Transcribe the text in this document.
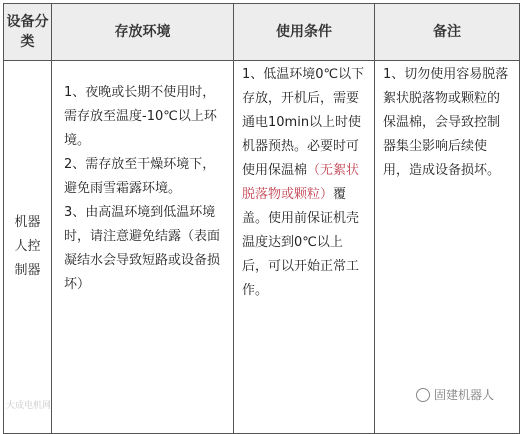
设备分类	存放环境	使用条件	备注
机器人控制器	1、夜晚或长期不使用时，需存放至温度-10℃以上环境。
2、需存放至干燥环境下，避免雨雪霜露环境。
3、由高温环境到低温环境时，请注意避免结露（表面凝结水会导致短路或设备损坏）	1、低温环境0℃以下存放，开机后，需要通电10min以上时使机器预热。必要时可使用保温棉（无絮状脱落物或颗粒）覆盖。使用前保证机壳温度达到0℃以上后，可以开始正常工作。	1、切勿使用容易脱落絮状脱落物或颗粒的保温棉，会导致控制器集尘影响后续使用，造成设备损坏。
大成电机网
固建机器人
